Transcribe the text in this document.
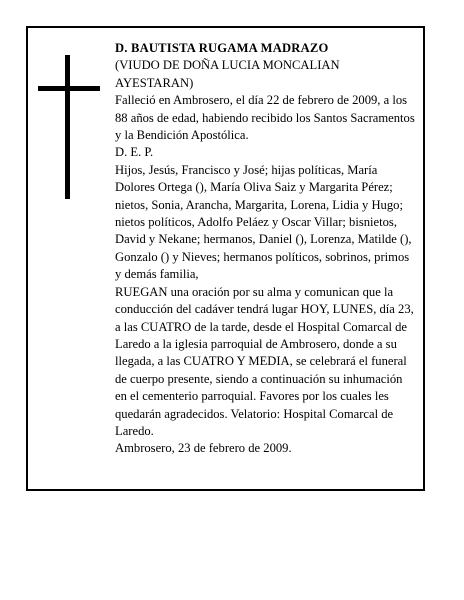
D. BAUTISTA RUGAMA MADRAZO

(VIUDO DE DOÑA LUCIA MONCALIAN AYESTARAN)

Falleció en Ambrosero, el día 22 de febrero de 2009, a los 88 años de edad, habiendo recibido los Santos Sacramentos y la Bendición Apostólica.

D. E. P.

Hijos, Jesús, Francisco y José; hijas políticas, María Dolores Ortega (), María Oliva Saiz y Margarita Pérez; nietos, Sonia, Arancha, Margarita, Lorena, Lidia y Hugo; nietos políticos, Adolfo Peláez y Oscar Villar; bisnietos, David y Nekane; hermanos, Daniel (), Lorenza, Matilde (), Gonzalo () y Nieves; hermanos políticos, sobrinos, primos y demás familia,

RUEGAN una oración por su alma y comunican que la conducción del cadáver tendrá lugar HOY, LUNES, día 23, a las CUATRO de la tarde, desde el Hospital Comarcal de Laredo a la iglesia parroquial de Ambrosero, donde a su llegada, a las CUATRO Y MEDIA, se celebrará el funeral de cuerpo presente, siendo a continuación su inhumación en el cementerio parroquial. Favores por los cuales les quedarán agradecidos. Velatorio: Hospital Comarcal de Laredo.

Ambrosero, 23 de febrero de 2009.
